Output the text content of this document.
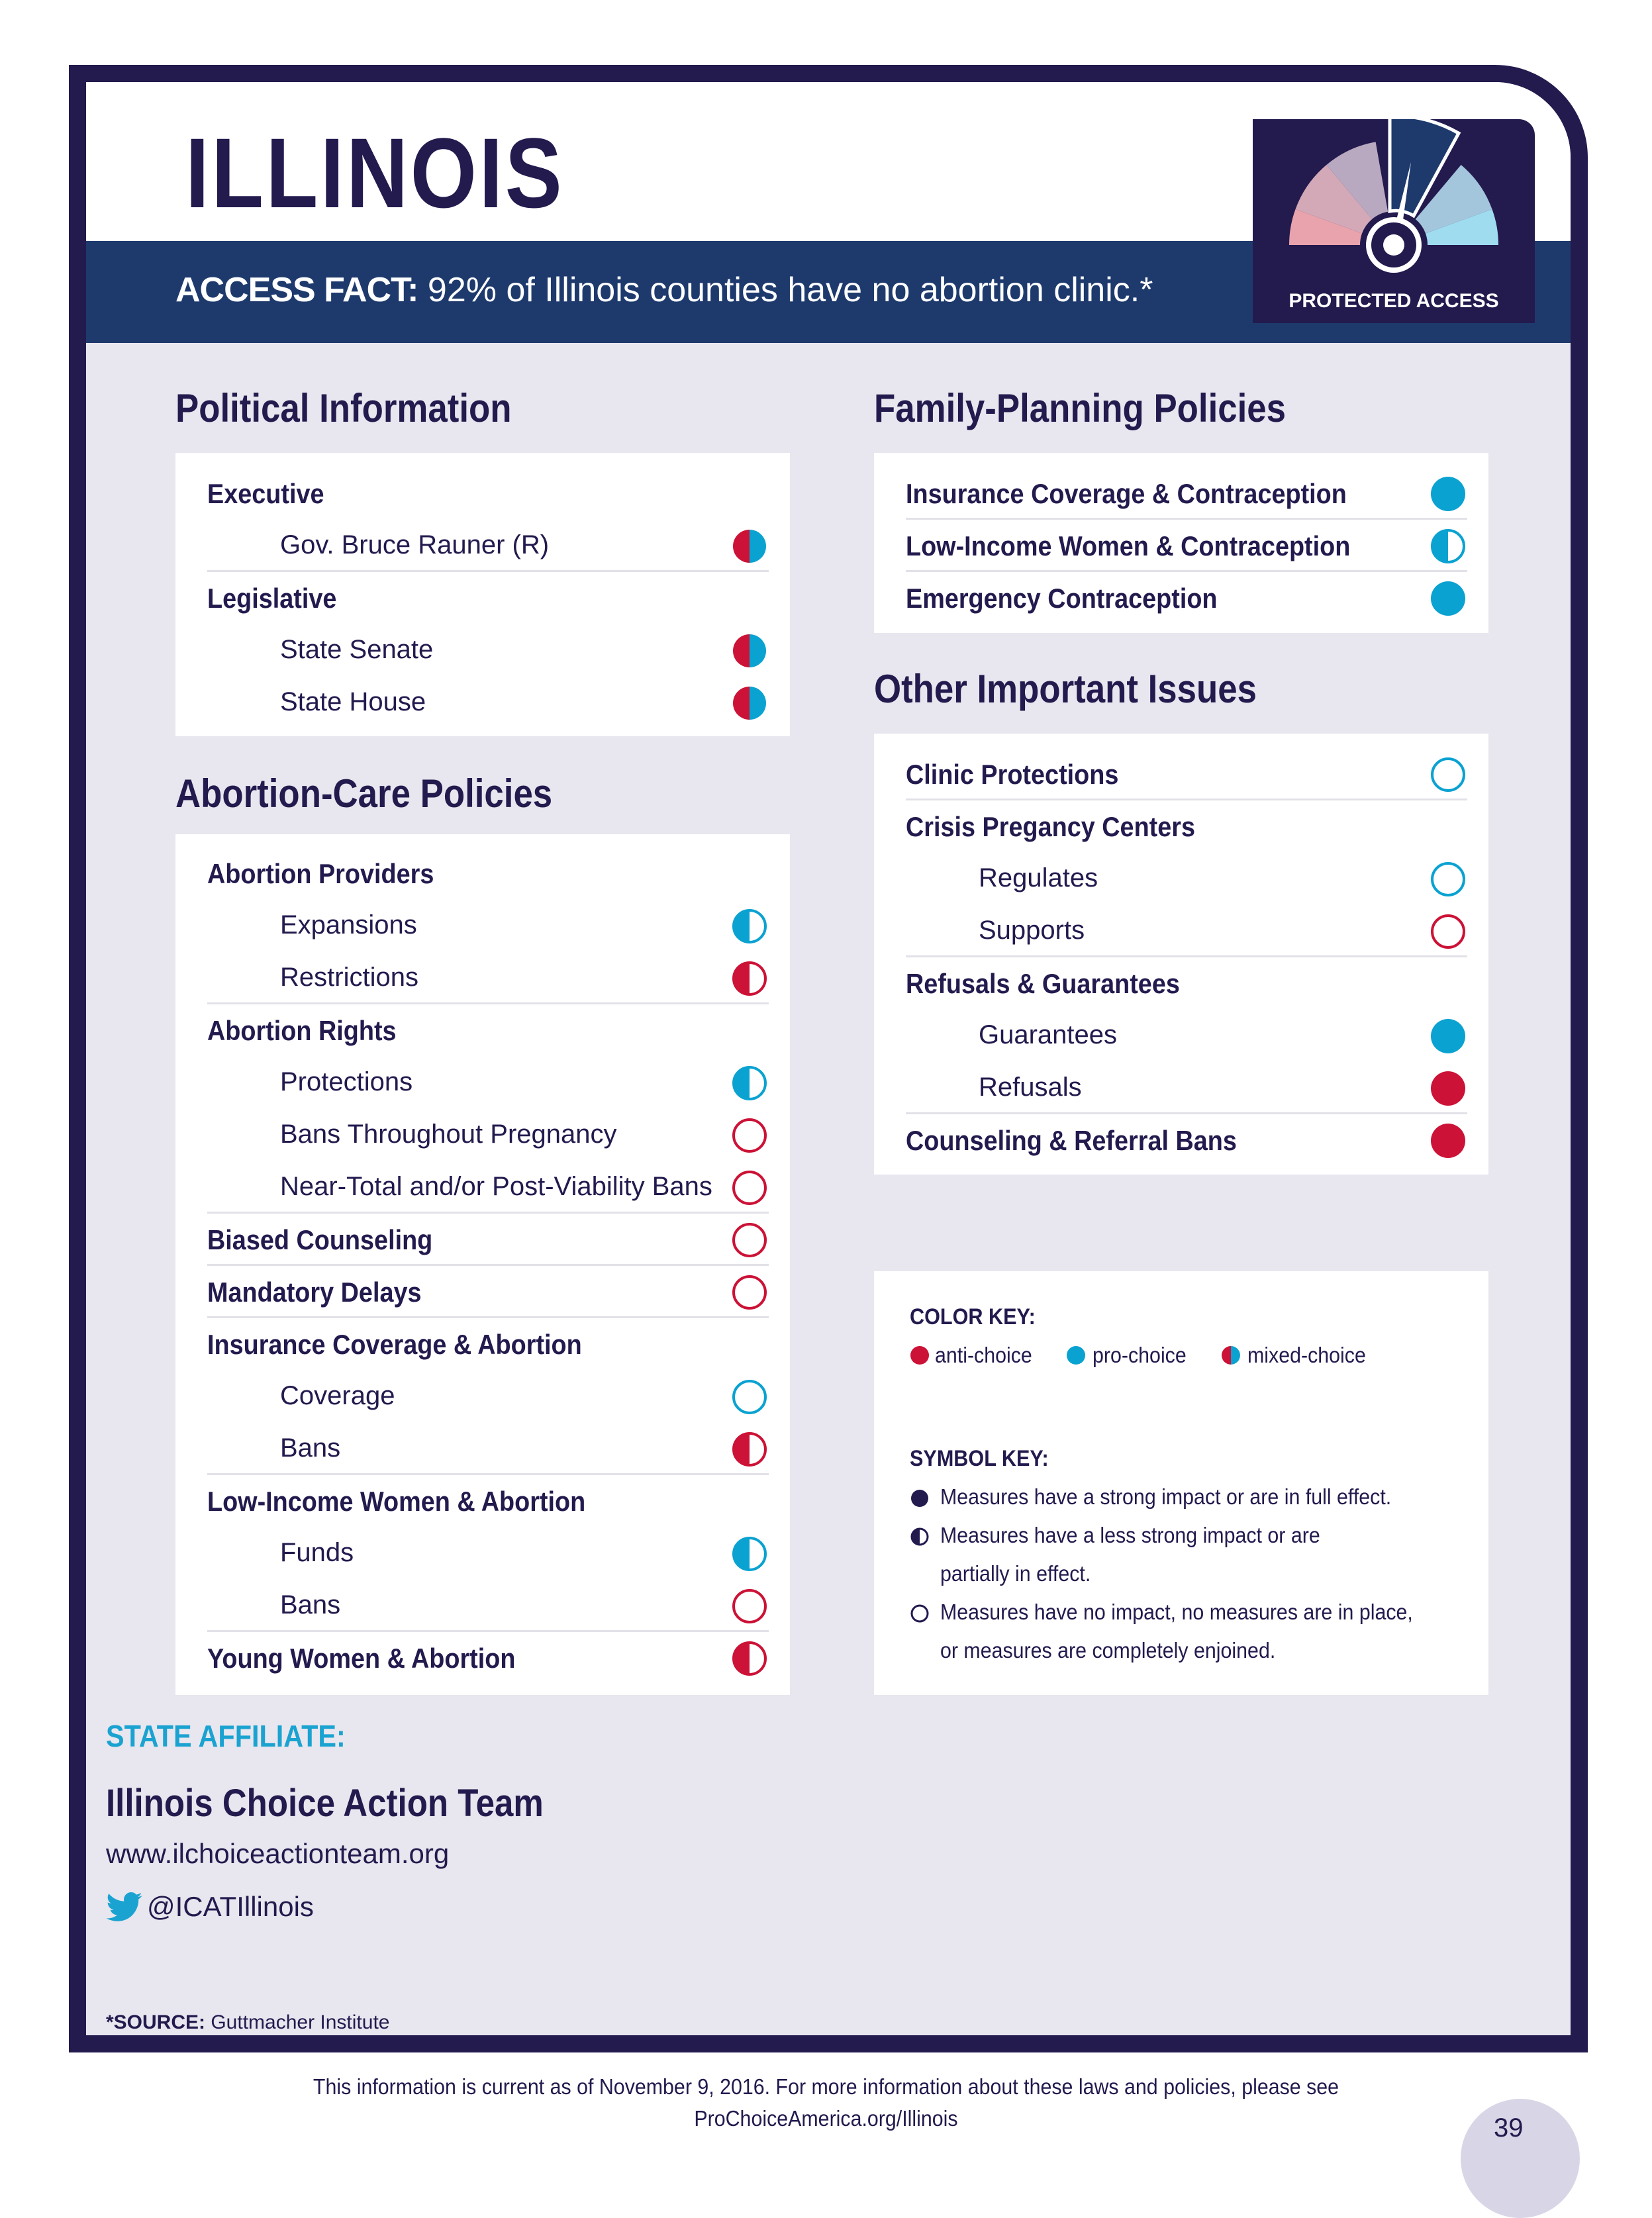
ILLINOIS
ACCESS FACT: 92% of Illinois counties have no abortion clinic.*	PROTECTED ACCESS
Political Information
Executive
Gov. Bruce Rauner (R)
Legislative
State Senate
State House
Abortion-Care Policies
Abortion Providers
Expansions
Restrictions
Abortion Rights
Protections
Bans Throughout Pregnancy
Near-Total and/or Post-Viability Bans
Biased Counseling
Mandatory Delays
Insurance Coverage & Abortion
Coverage
Bans
Low-Income Women & Abortion
Funds
Bans
Young Women & Abortion
Family-Planning Policies
Insurance Coverage & Contraception
Low-Income Women & Contraception
Emergency Contraception
Other Important Issues
Clinic Protections
Crisis Pregancy Centers
Regulates
Supports
Refusals & Guarantees
Guarantees
Refusals
Counseling & Referral Bans
COLOR KEY:
anti-choice	pro-choice	mixed-choice
SYMBOL KEY:
Measures have a strong impact or are in full effect.
Measures have a less strong impact or are
partially in effect.
Measures have no impact, no measures are in place,
or measures are completely enjoined.
STATE AFFILIATE:
Illinois Choice Action Team
www.ilchoiceactionteam.org
@ICATIllinois
*SOURCE: Guttmacher Institute
This information is current as of November 9, 2016. For more information about these laws and policies, please see
ProChoiceAmerica.org/Illinois	39
